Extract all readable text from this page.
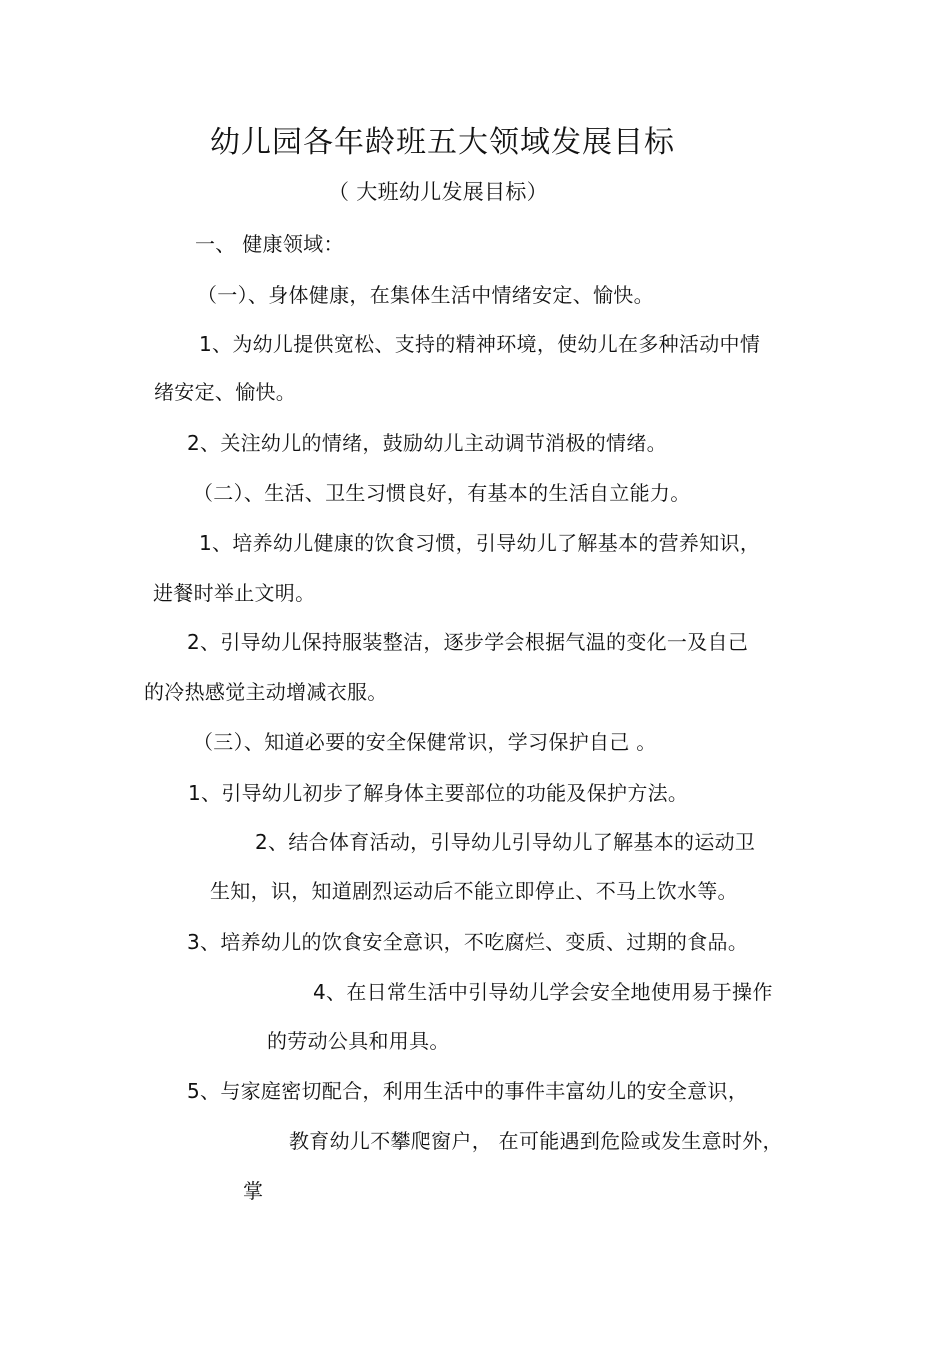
幼儿园各年龄班五大领域发展目标
（ 大班幼儿发展目标）
一、 健康领域：
（一）、身体健康，在集体生活中情绪安定、愉快。
1、为幼儿提供宽松、支持的精神环境，使幼儿在多种活动中情
绪安定、愉快。
2、关注幼儿的情绪，鼓励幼儿主动调节消极的情绪。
（二）、生活、卫生习惯良好，有基本的生活自立能力。
1、培养幼儿健康的饮食习惯，引导幼儿了解基本的营养知识，
进餐时举止文明。
2、引导幼儿保持服装整洁，逐步学会根据气温的变化一及自己
的冷热感觉主动增减衣服。
（三）、知道必要的安全保健常识，学习保护自己 。
1、引导幼儿初步了解身体主要部位的功能及保护方法。
2、结合体育活动，引导幼儿引导幼儿了解基本的运动卫
生知，识，知道剧烈运动后不能立即停止、不马上饮水等。
3、培养幼儿的饮食安全意识，不吃腐烂、变质、过期的食品。
4、在日常生活中引导幼儿学会安全地使用易于操作
的劳动公具和用具。
5、与家庭密切配合，利用生活中的事件丰富幼儿的安全意识，
教育幼儿不攀爬窗户， 在可能遇到危险或发生意时外，
掌
